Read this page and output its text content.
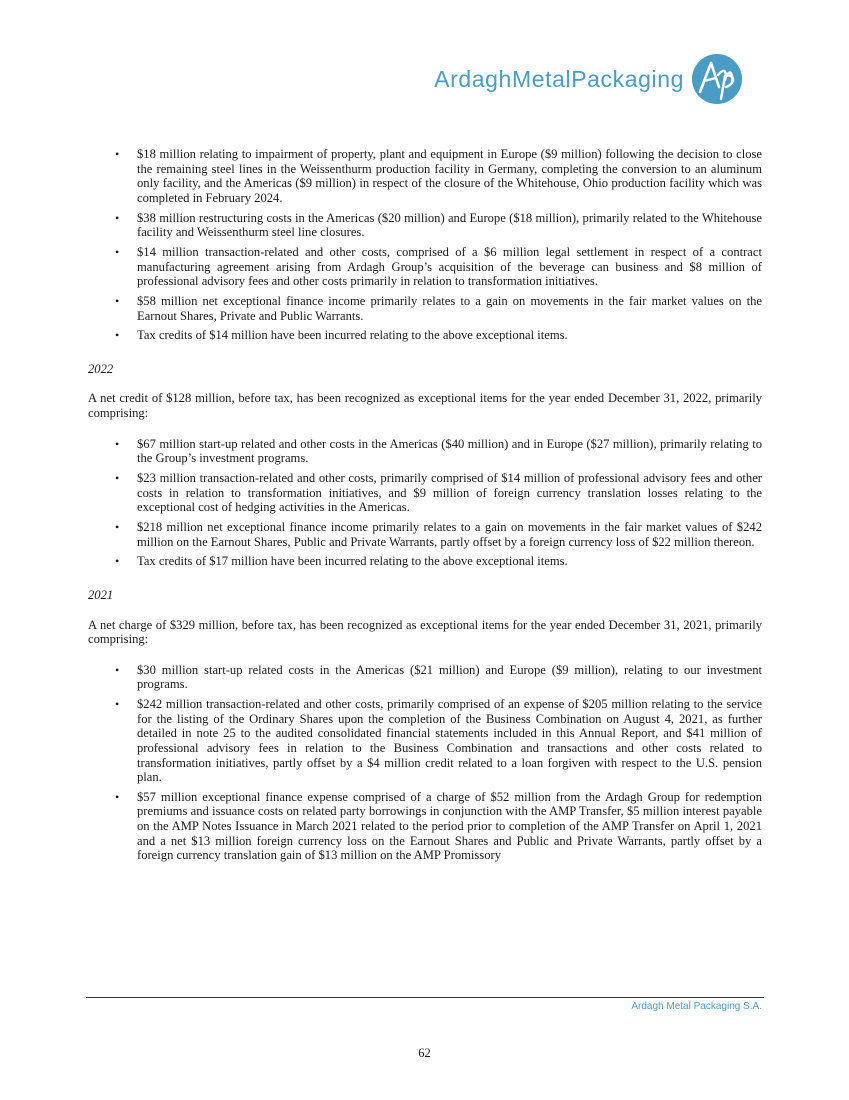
ArdaghMetalPackaging
• $18 million relating to impairment of property, plant and equipment in Europe ($9 million) following the decision to close the remaining steel lines in the Weissenthurm production facility in Germany, completing the conversion to an aluminum only facility, and the Americas ($9 million) in respect of the closure of the Whitehouse, Ohio production facility which was completed in February 2024.
• $38 million restructuring costs in the Americas ($20 million) and Europe ($18 million), primarily related to the Whitehouse facility and Weissenthurm steel line closures.
• $14 million transaction-related and other costs, comprised of a $6 million legal settlement in respect of a contract manufacturing agreement arising from Ardagh Group’s acquisition of the beverage can business and $8 million of professional advisory fees and other costs primarily in relation to transformation initiatives.
• $58 million net exceptional finance income primarily relates to a gain on movements in the fair market values on the Earnout Shares, Private and Public Warrants.
• Tax credits of $14 million have been incurred relating to the above exceptional items.
2022

A net credit of $128 million, before tax, has been recognized as exceptional items for the year ended December 31, 2022, primarily comprising:

• $67 million start-up related and other costs in the Americas ($40 million) and in Europe ($27 million), primarily relating to the Group’s investment programs.
• $23 million transaction-related and other costs, primarily comprised of $14 million of professional advisory fees and other costs in relation to transformation initiatives, and $9 million of foreign currency translation losses relating to the exceptional cost of hedging activities in the Americas.
• $218 million net exceptional finance income primarily relates to a gain on movements in the fair market values of $242 million on the Earnout Shares, Public and Private Warrants, partly offset by a foreign currency loss of $22 million thereon.
• Tax credits of $17 million have been incurred relating to the above exceptional items.
2021

A net charge of $329 million, before tax, has been recognized as exceptional items for the year ended December 31, 2021, primarily comprising:

• $30 million start-up related costs in the Americas ($21 million) and Europe ($9 million), relating to our investment programs.
• $242 million transaction-related and other costs, primarily comprised of an expense of $205 million relating to the service for the listing of the Ordinary Shares upon the completion of the Business Combination on August 4, 2021, as further detailed in note 25 to the audited consolidated financial statements included in this Annual Report, and $41 million of professional advisory fees in relation to the Business Combination and transactions and other costs related to transformation initiatives, partly offset by a $4 million credit related to a loan forgiven with respect to the U.S. pension plan.
• $57 million exceptional finance expense comprised of a charge of $52 million from the Ardagh Group for redemption premiums and issuance costs on related party borrowings in conjunction with the AMP Transfer, $5 million interest payable on the AMP Notes Issuance in March 2021 related to the period prior to completion of the AMP Transfer on April 1, 2021 and a net $13 million foreign currency loss on the Earnout Shares and Public and Private Warrants, partly offset by a foreign currency translation gain of $13 million on the AMP Promissory
Ardagh Metal Packaging S.A.
62
